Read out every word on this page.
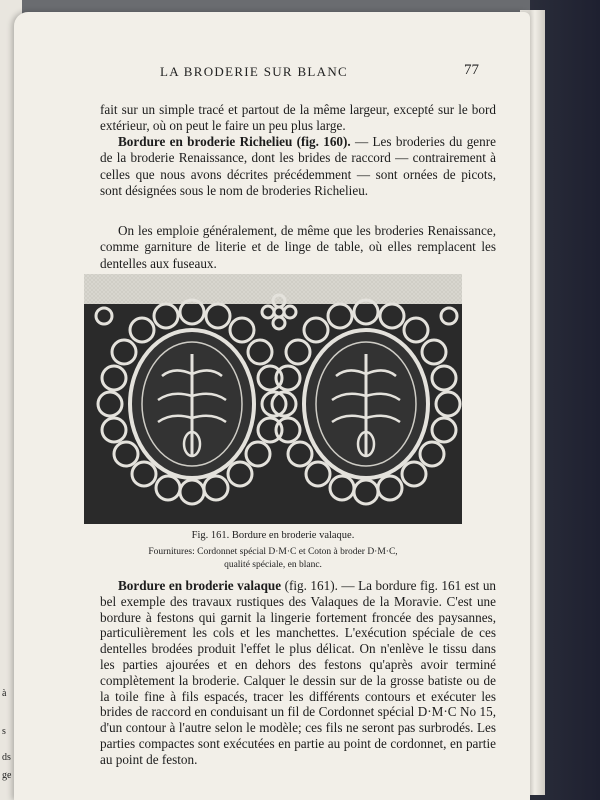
à
s
ds
ge
LA BRODERIE SUR BLANC	77

fait sur un simple tracé et partout de la même largeur, excepté sur le bord extérieur, où on peut le faire un peu plus large.

Bordure en broderie Richelieu (fig. 160). — Les broderies du genre de la broderie Renaissance, dont les brides de raccord — contrairement à celles que nous avons décrites précédemment — sont ornées de picots, sont désignées sous le nom de broderies Richelieu.

On les emploie généralement, de même que les broderies Renaissance, comme garniture de literie et de linge de table, où elles remplacent les dentelles aux fuseaux.

Fig. 161. Bordure en broderie valaque.
Fournitures: Cordonnet spécial D·M·C et Coton à broder D·M·C,
qualité spéciale, en blanc.

Bordure en broderie valaque (fig. 161). — La bordure fig. 161 est un bel exemple des travaux rustiques des Valaques de la Moravie. C'est une bordure à festons qui garnit la lingerie fortement froncée des paysannes, particulièrement les cols et les manchettes. L'exécution spéciale de ces dentelles brodées produit l'effet le plus délicat. On n'enlève le tissu dans les parties ajourées et en dehors des festons qu'après avoir terminé complètement la broderie. Calquer le dessin sur de la grosse batiste ou de la toile fine à fils espacés, tracer les différents contours et exécuter les brides de raccord en conduisant un fil de Cordonnet spécial D·M·C No 15, d'un contour à l'autre selon le modèle; ces fils ne seront pas surbrodés. Les parties compactes sont exécutées en partie au point de cordonnet, en partie au point de feston.
